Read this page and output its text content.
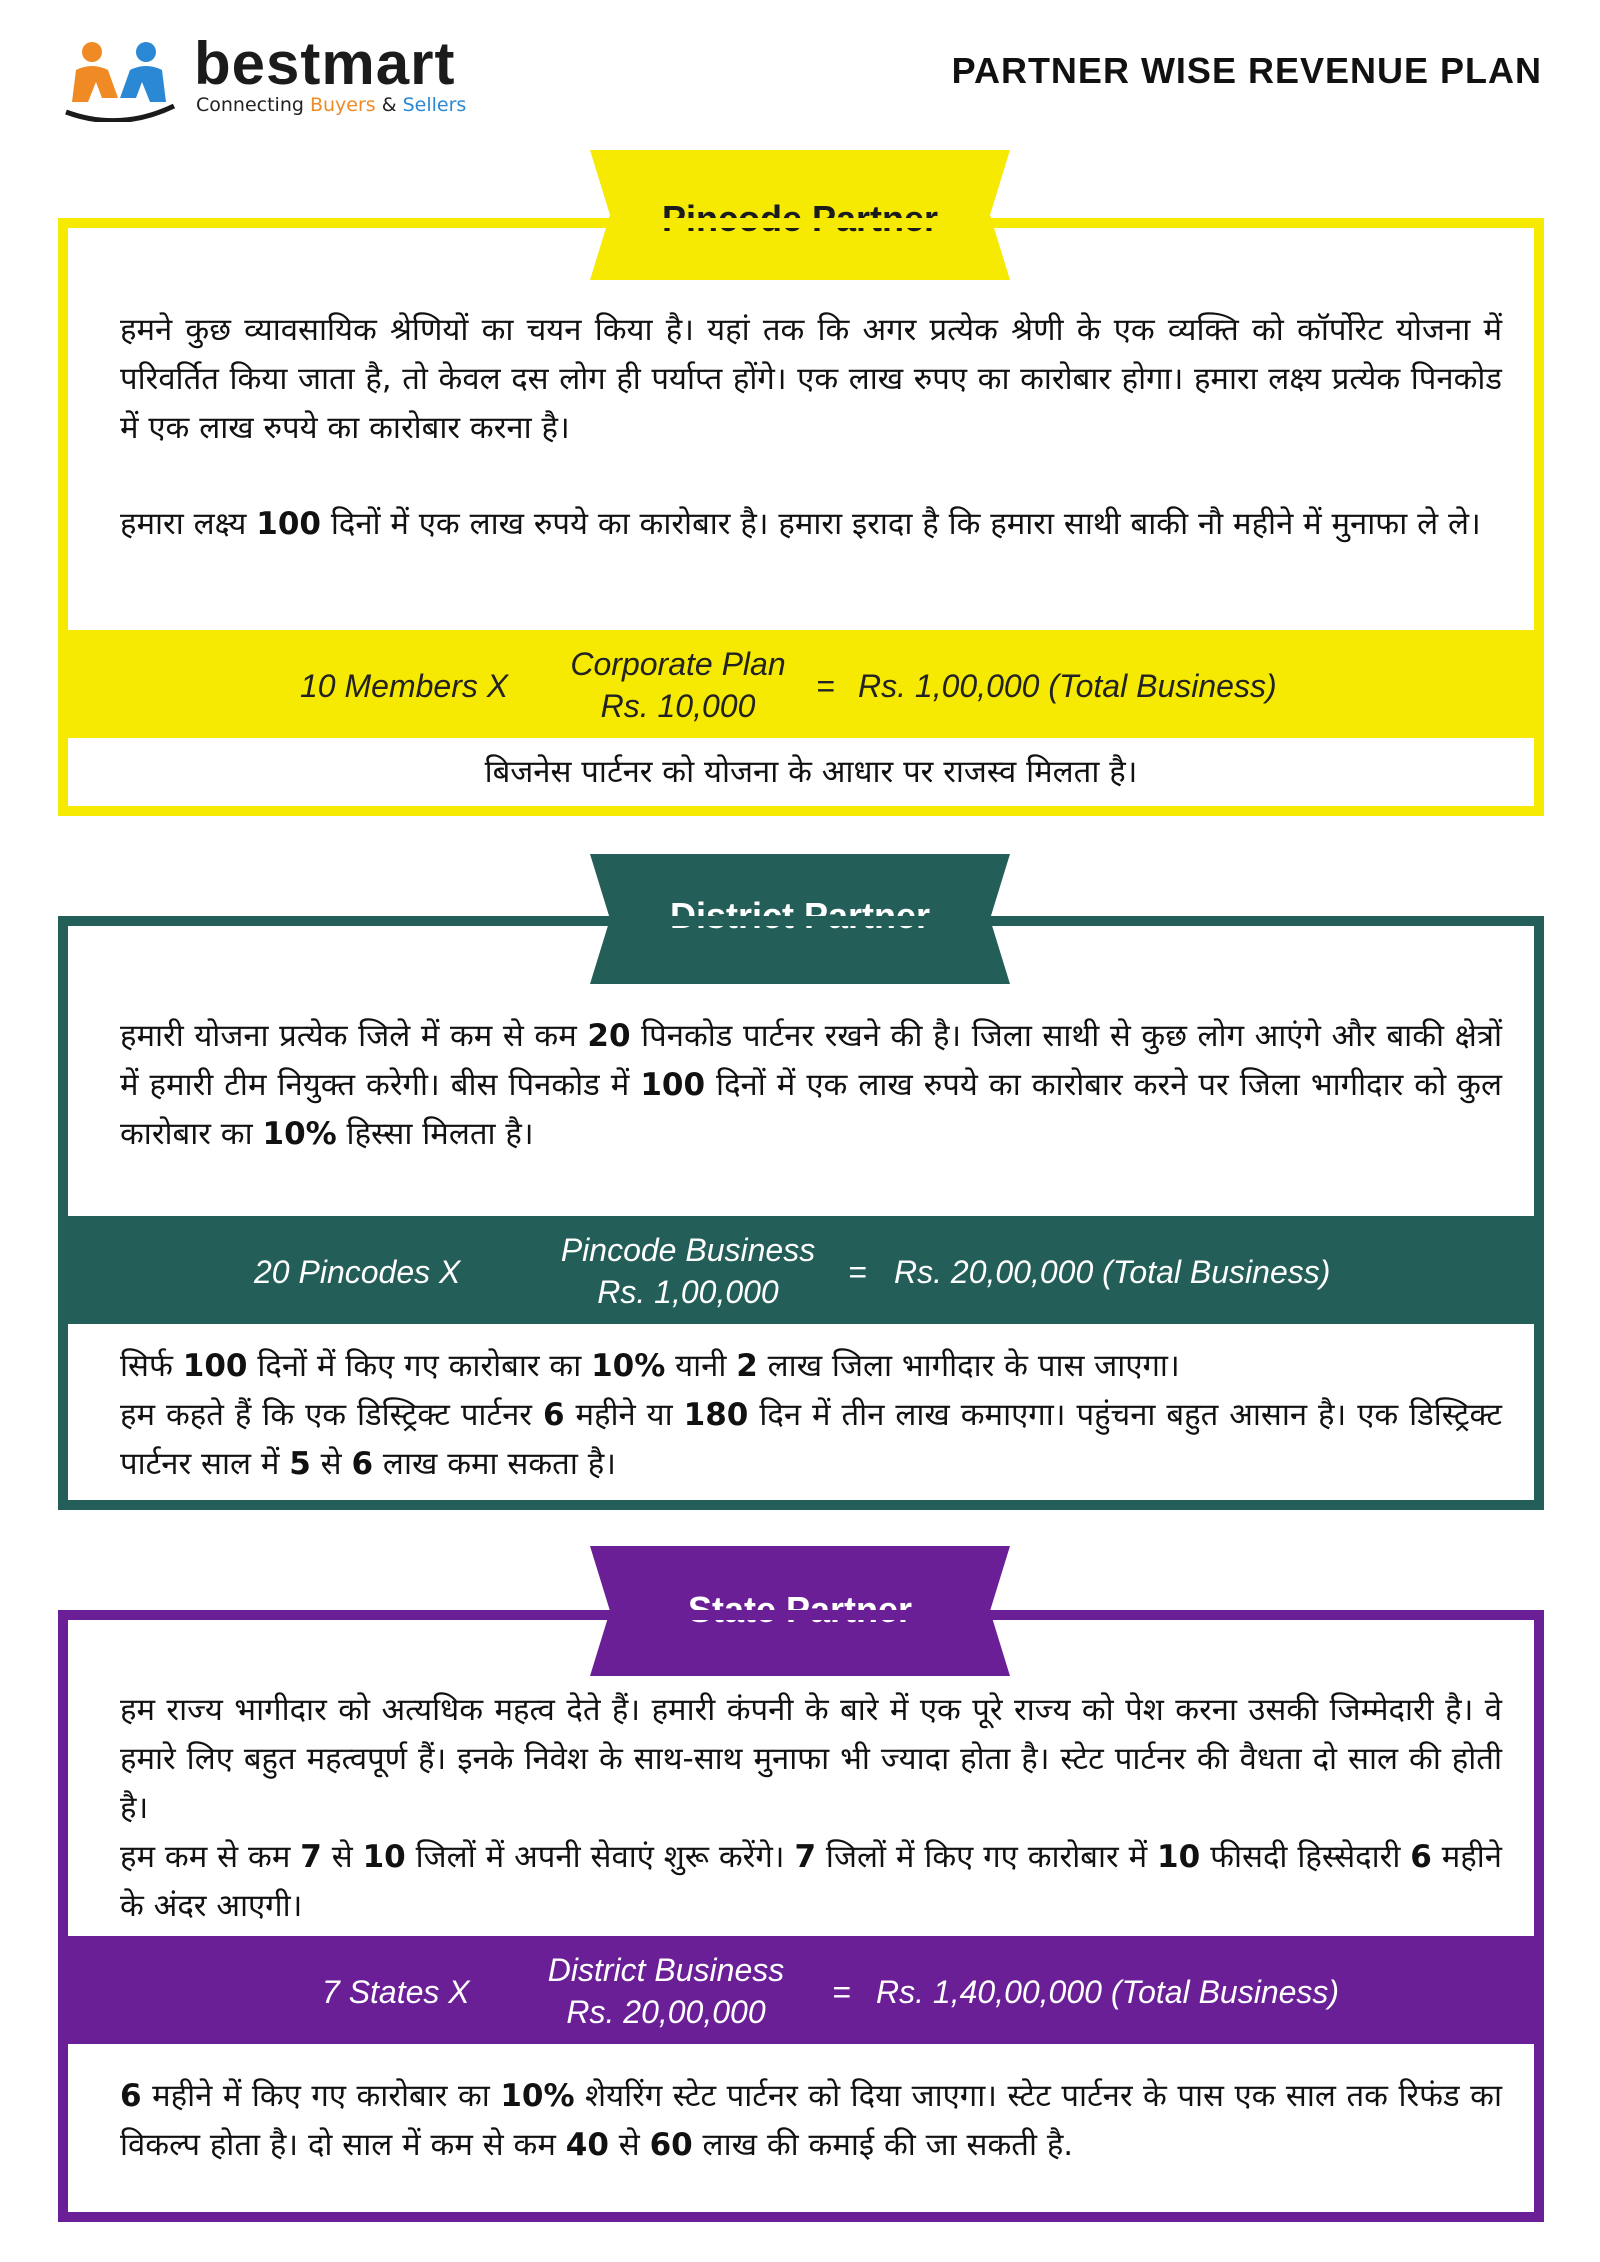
bestmart
Connecting Buyers & Sellers
PARTNER WISE REVENUE PLAN
Pincode Partner

हमने कुछ व्यावसायिक श्रेणियों का चयन किया है। यहां तक कि अगर प्रत्येक श्रेणी के एक व्यक्ति को कॉर्पोरेट योजना में परिवर्तित किया जाता है, तो केवल दस लोग ही पर्याप्त होंगे। एक लाख रुपए का कारोबार होगा। हमारा लक्ष्य प्रत्येक पिनकोड में एक लाख रुपये का कारोबार करना है।

हमारा लक्ष्य 100 दिनों में एक लाख रुपये का कारोबार है। हमारा इरादा है कि हमारा साथी बाकी नौ महीने में मुनाफा ले ले।

10 Members X
Corporate Plan
Rs. 10,000
= Rs. 1,00,000 (Total Business)

बिजनेस पार्टनर को योजना के आधार पर राजस्व मिलता है।

District Partner

हमारी योजना प्रत्येक जिले में कम से कम 20 पिनकोड पार्टनर रखने की है। जिला साथी से कुछ लोग आएंगे और बाकी क्षेत्रों में हमारी टीम नियुक्त करेगी। बीस पिनकोड में 100 दिनों में एक लाख रुपये का कारोबार करने पर जिला भागीदार को कुल कारोबार का 10% हिस्सा मिलता है।

20 Pincodes X
Pincode Business
Rs. 1,00,000
= Rs. 20,00,000 (Total Business)

सिर्फ 100 दिनों में किए गए कारोबार का 10% यानी 2 लाख जिला भागीदार के पास जाएगा।
हम कहते हैं कि एक डिस्ट्रिक्ट पार्टनर 6 महीने या 180 दिन में तीन लाख कमाएगा। पहुंचना बहुत आसान है। एक डिस्ट्रिक्ट पार्टनर साल में 5 से 6 लाख कमा सकता है।

State Partner

हम राज्य भागीदार को अत्यधिक महत्व देते हैं। हमारी कंपनी के बारे में एक पूरे राज्य को पेश करना उसकी जिम्मेदारी है। वे हमारे लिए बहुत महत्वपूर्ण हैं। इनके निवेश के साथ-साथ मुनाफा भी ज्यादा होता है। स्टेट पार्टनर की वैधता दो साल की होती है।
हम कम से कम 7 से 10 जिलों में अपनी सेवाएं शुरू करेंगे। 7 जिलों में किए गए कारोबार में 10 फीसदी हिस्सेदारी 6 महीने के अंदर आएगी।

7 States X
District Business
Rs. 20,00,000
= Rs. 1,40,00,000 (Total Business)

6 महीने में किए गए कारोबार का 10% शेयरिंग स्टेट पार्टनर को दिया जाएगा। स्टेट पार्टनर के पास एक साल तक रिफंड का विकल्प होता है। दो साल में कम से कम 40 से 60 लाख की कमाई की जा सकती है.
